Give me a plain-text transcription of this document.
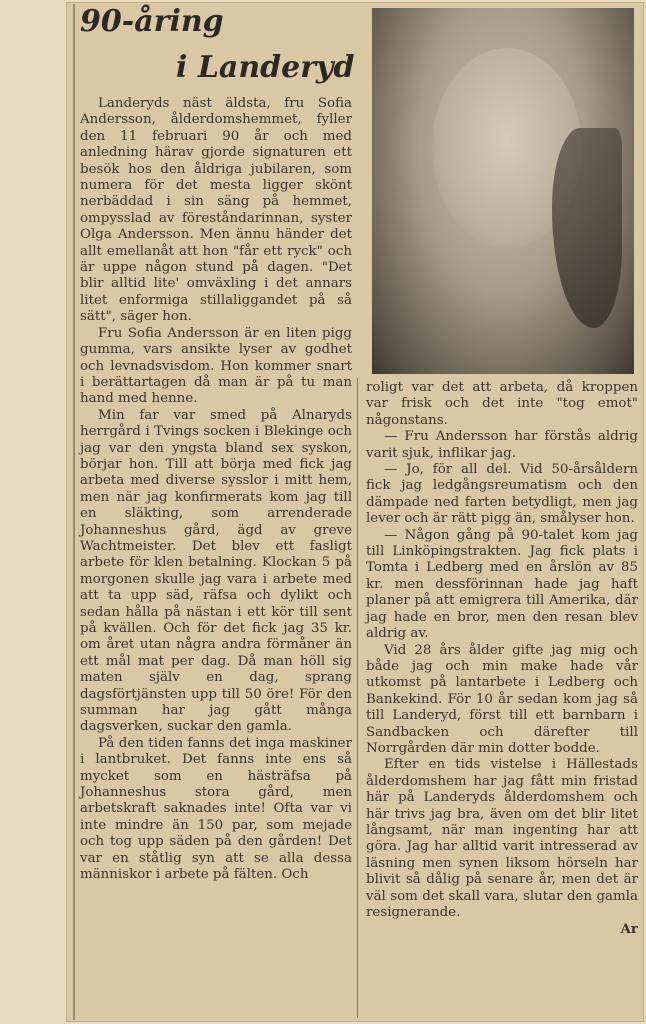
90-åring
i Landeryd

Landeryds näst äldsta, fru Sofia Andersson, ålderdomshemmet, fyller den 11 februari 90 år och med anledning härav gjorde signaturen ett besök hos den åldriga jubilaren, som numera för det mesta ligger skönt nerbäddad i sin säng på hemmet, ompysslad av föreståndarinnan, syster Olga Andersson. Men ännu händer det allt emellanåt att hon "får ett ryck" och är uppe någon stund på dagen. "Det blir alltid lite' omväxling i det annars litet enformiga stillaliggandet på så sätt", säger hon.

Fru Sofia Andersson är en liten pigg gumma, vars ansikte lyser av godhet och levnadsvisdom. Hon kommer snart i berättartagen då man är på tu man hand med henne.

Min far var smed på Alnaryds herrgård i Tvings socken i Blekinge och jag var den yngsta bland sex syskon, börjar hon. Till att börja med fick jag arbeta med diverse sysslor i mitt hem, men när jag konfirmerats kom jag till en släkting, som arrenderade Johanneshus gård, ägd av greve Wachtmeister. Det blev ett fasligt arbete för klen betalning. Klockan 5 på morgonen skulle jag vara i arbete med att ta upp säd, räfsa och dylikt och sedan hålla på nästan i ett kör till sent på kvällen. Och för det fick jag 35 kr. om året utan några andra förmåner än ett mål mat per dag. Då man höll sig maten själv en dag, sprang dagsförtjänsten upp till 50 öre! För den summan har jag gått många dagsverken, suckar den gamla.

På den tiden fanns det inga maskiner i lantbruket. Det fanns inte ens så mycket som en hästräfsa på Johanneshus stora gård, men arbetskraft saknades inte! Ofta var vi inte mindre än 150 par, som mejade och tog upp säden på den gården! Det var en ståtlig syn att se alla dessa människor i arbete på fälten. Och

roligt var det att arbeta, då kroppen var frisk och det inte "tog emot" någonstans.

— Fru Andersson har förstås aldrig varit sjuk, inflikar jag.

— Jo, för all del. Vid 50-årsåldern fick jag ledgångsreumatism och den dämpade ned farten betydligt, men jag lever och är rätt pigg än, smålyser hon.

— Någon gång på 90-talet kom jag till Linköpingstrakten. Jag fick plats i Tomta i Ledberg med en årslön av 85 kr. men dessförinnan hade jag haft planer på att emigrera till Amerika, där jag hade en bror, men den resan blev aldrig av.

Vid 28 års ålder gifte jag mig och både jag och min make hade vår utkomst på lantarbete i Ledberg och Bankekind. För 10 år sedan kom jag så till Landeryd, först till ett barnbarn i Sandbacken och därefter till Norrgården där min dotter bodde.

Efter en tids vistelse i Hällestads ålderdomshem har jag fått min fristad här på Landeryds ålderdomshem och här trivs jag bra, även om det blir litet långsamt, när man ingenting har att göra. Jag har alltid varit intresserad av läsning men synen liksom hörseln har blivit så dålig på senare år, men det är väl som det skall vara, slutar den gamla resignerande.

Ar
